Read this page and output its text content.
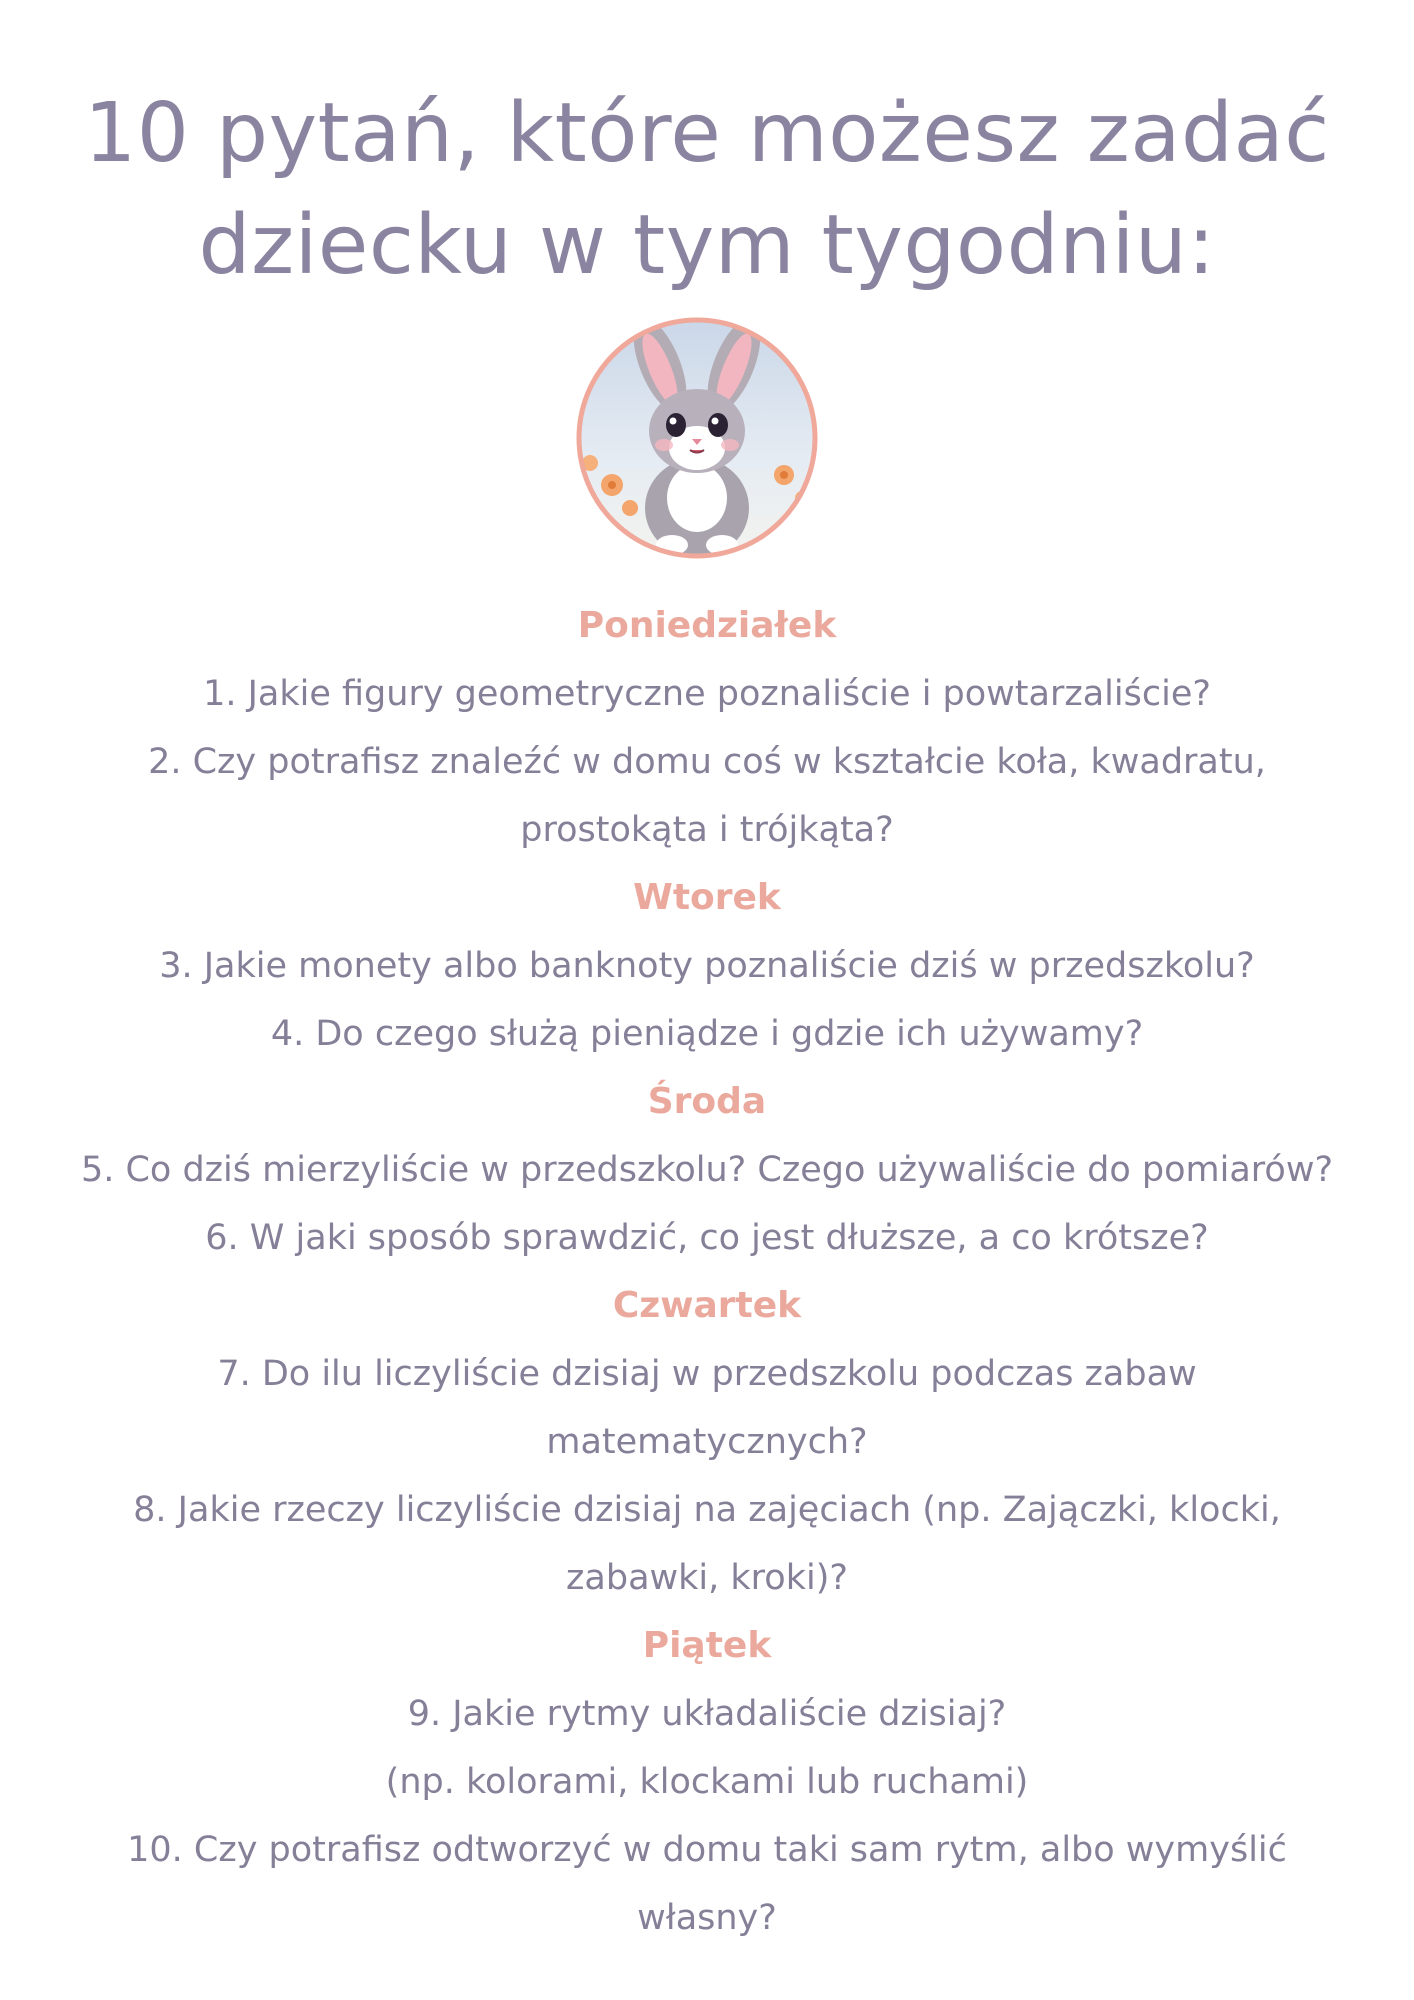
10 pytań, które możesz zadać
dziecku w tym tygodniu:
Poniedziałek
1. Jakie figury geometryczne poznaliście i powtarzaliście?
2. Czy potrafisz znaleźć w domu coś w kształcie koła, kwadratu,
prostokąta i trójkąta?
Wtorek
3. Jakie monety albo banknoty poznaliście dziś w przedszkolu?
4. Do czego służą pieniądze i gdzie ich używamy?
Środa
5. Co dziś mierzyliście w przedszkolu? Czego używaliście do pomiarów?
6. W jaki sposób sprawdzić, co jest dłuższe, a co krótsze?
Czwartek
7. Do ilu liczyliście dzisiaj w przedszkolu podczas zabaw
matematycznych?
8. Jakie rzeczy liczyliście dzisiaj na zajęciach (np. Zajączki, klocki,
zabawki, kroki)?
Piątek
9. Jakie rytmy układaliście dzisiaj?
(np. kolorami, klockami lub ruchami)
10. Czy potrafisz odtworzyć w domu taki sam rytm, albo wymyślić
własny?
